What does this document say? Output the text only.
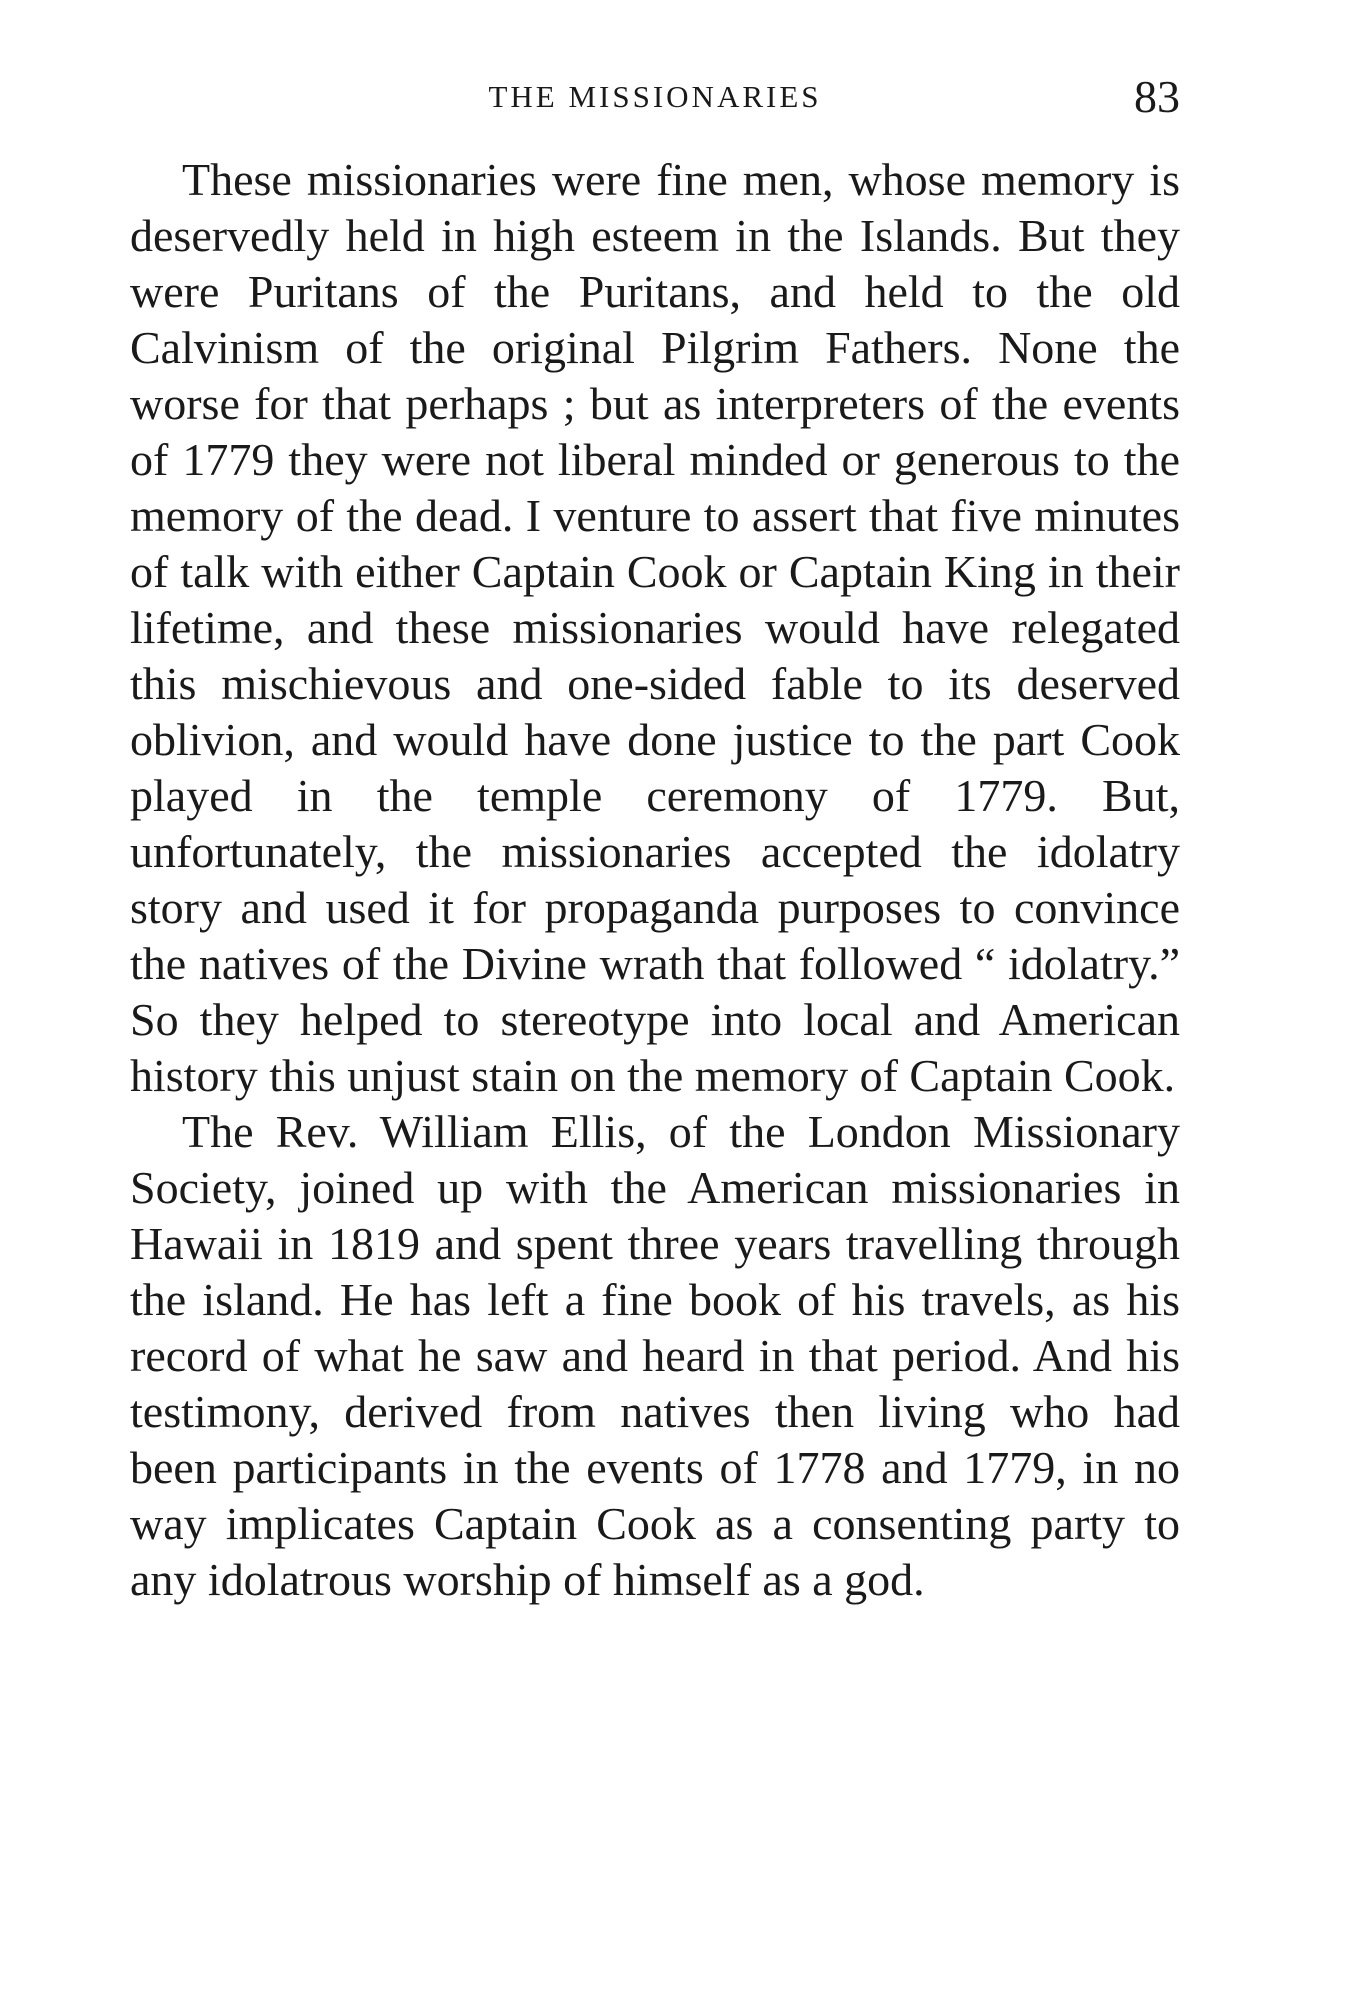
THE MISSIONARIES	83

These missionaries were fine men, whose memory is deservedly held in high esteem in the Islands. But they were Puritans of the Puritans, and held to the old Calvinism of the original Pilgrim Fathers. None the worse for that perhaps ; but as interpreters of the events of 1779 they were not liberal minded or generous to the memory of the dead. I venture to assert that five minutes of talk with either Captain Cook or Captain King in their lifetime, and these missionaries would have relegated this mischievous and one-sided fable to its deserved oblivion, and would have done justice to the part Cook played in the temple ceremony of 1779. But, unfortunately, the missionaries accepted the idolatry story and used it for propaganda purposes to convince the natives of the Divine wrath that followed “ idolatry.” So they helped to stereotype into local and American history this unjust stain on the memory of Captain Cook.

The Rev. William Ellis, of the London Missionary Society, joined up with the American missionaries in Hawaii in 1819 and spent three years travelling through the island. He has left a fine book of his travels, as his record of what he saw and heard in that period. And his testimony, derived from natives then living who had been participants in the events of 1778 and 1779, in no way implicates Captain Cook as a consenting party to any idolatrous worship of himself as a god.
